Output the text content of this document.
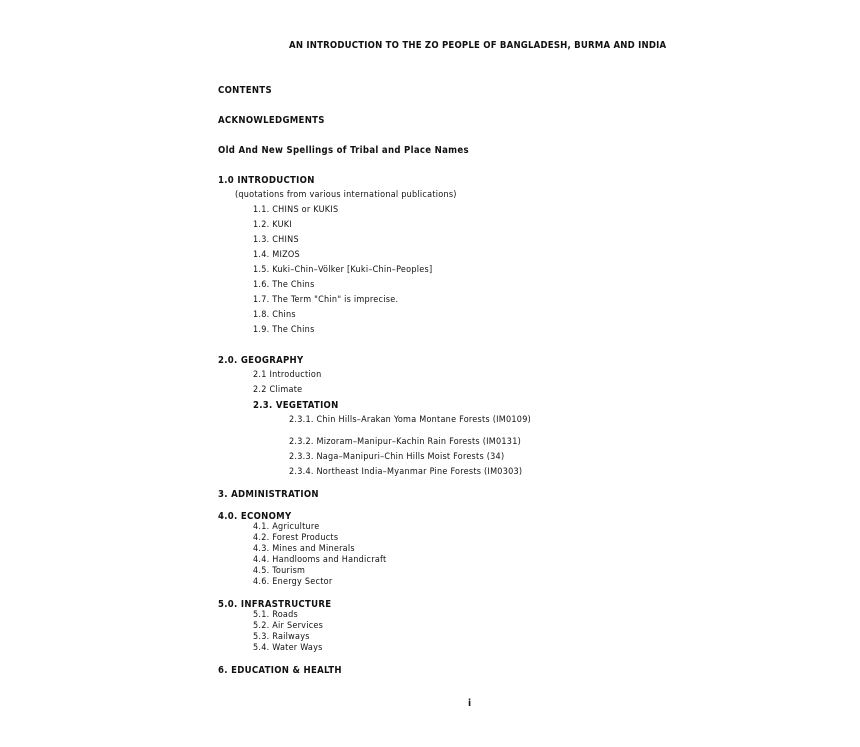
AN INTRODUCTION TO THE ZO PEOPLE OF BANGLADESH, BURMA AND INDIA
CONTENTS
ACKNOWLEDGMENTS
Old And New Spellings of Tribal and Place Names
1.0 INTRODUCTION
(quotations from various international publications)
1.1. CHINS or KUKIS
1.2. KUKI
1.3. CHINS
1.4. MIZOS
1.5. Kuki–Chin–Völker [Kuki–Chin–Peoples]
1.6. The Chins
1.7. The Term "Chin" is imprecise.
1.8. Chins
1.9. The Chins
2.0. GEOGRAPHY
2.1 Introduction
2.2 Climate
2.3. VEGETATION
2.3.1. Chin Hills–Arakan Yoma Montane Forests (IM0109)
2.3.2. Mizoram–Manipur–Kachin Rain Forests (IM0131)
2.3.3. Naga–Manipuri–Chin Hills Moist Forests (34)
2.3.4. Northeast India–Myanmar Pine Forests (IM0303)
3. ADMINISTRATION
4.0. ECONOMY
4.1. Agriculture
4.2. Forest Products
4.3. Mines and Minerals
4.4. Handlooms and Handicraft
4.5. Tourism
4.6. Energy Sector
5.0. INFRASTRUCTURE
5.1. Roads
5.2. Air Services
5.3. Railways
5.4. Water Ways
6. EDUCATION & HEALTH
i
